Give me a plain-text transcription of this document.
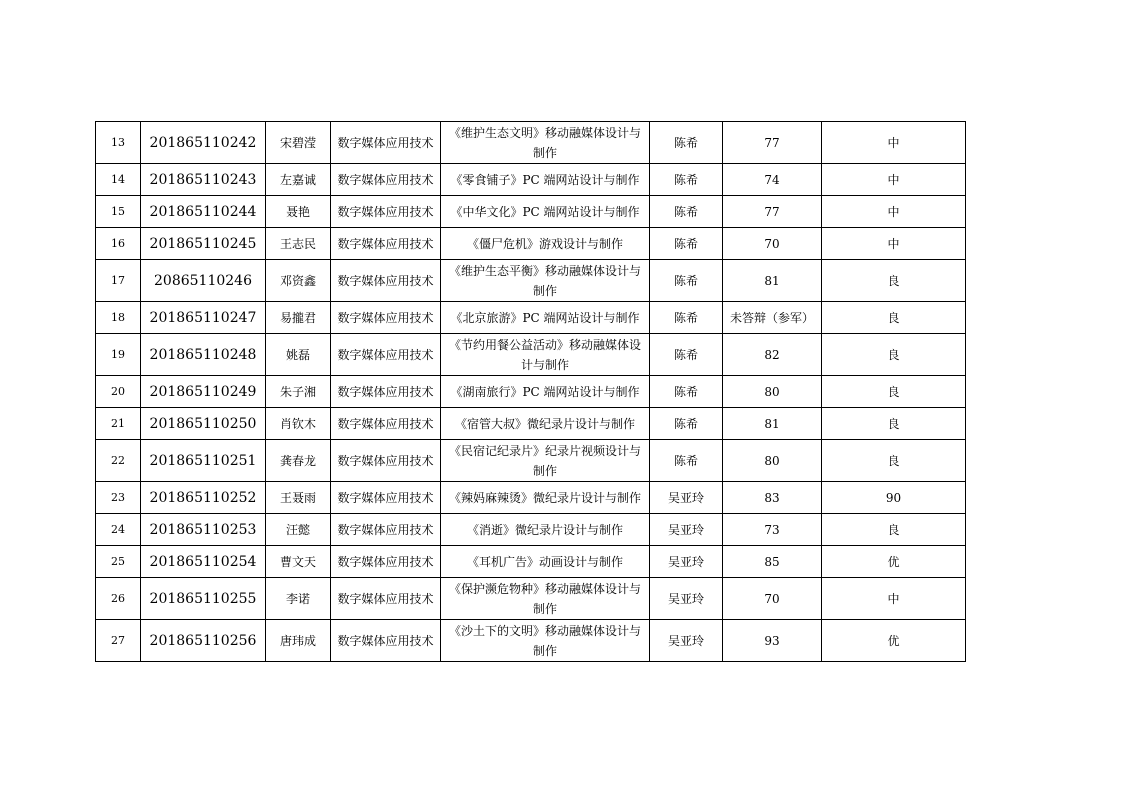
13	201865110242	宋碧滢	数字媒体应用技术	《维护生态文明》移动融媒体设计与制作	陈希	77	中
14	201865110243	左嘉诚	数字媒体应用技术	《零食铺子》PC 端网站设计与制作	陈希	74	中
15	201865110244	聂艳	数字媒体应用技术	《中华文化》PC 端网站设计与制作	陈希	77	中
16	201865110245	王志民	数字媒体应用技术	《僵尸危机》游戏设计与制作	陈希	70	中
17	20865110246	邓资鑫	数字媒体应用技术	《维护生态平衡》移动融媒体设计与制作	陈希	81	良
18	201865110247	易攏君	数字媒体应用技术	《北京旅游》PC 端网站设计与制作	陈希	未答辩（参军）	良
19	201865110248	姚磊	数字媒体应用技术	《节约用餐公益活动》移动融媒体设计与制作	陈希	82	良
20	201865110249	朱子湘	数字媒体应用技术	《湖南旅行》PC 端网站设计与制作	陈希	80	良
21	201865110250	肖钦木	数字媒体应用技术	《宿管大叔》微纪录片设计与制作	陈希	81	良
22	201865110251	龚春龙	数字媒体应用技术	《民宿记纪录片》纪录片视频设计与制作	陈希	80	良
23	201865110252	王聂雨	数字媒体应用技术	《辣妈麻辣烫》微纪录片设计与制作	吴亚玲	83	90
24	201865110253	汪懿	数字媒体应用技术	《消逝》微纪录片设计与制作	吴亚玲	73	良
25	201865110254	曹文天	数字媒体应用技术	《耳机广告》动画设计与制作	吴亚玲	85	优
26	201865110255	李诺	数字媒体应用技术	《保护濒危物种》移动融媒体设计与制作	吴亚玲	70	中
27	201865110256	唐玮成	数字媒体应用技术	《沙土下的文明》移动融媒体设计与制作	吴亚玲	93	优
